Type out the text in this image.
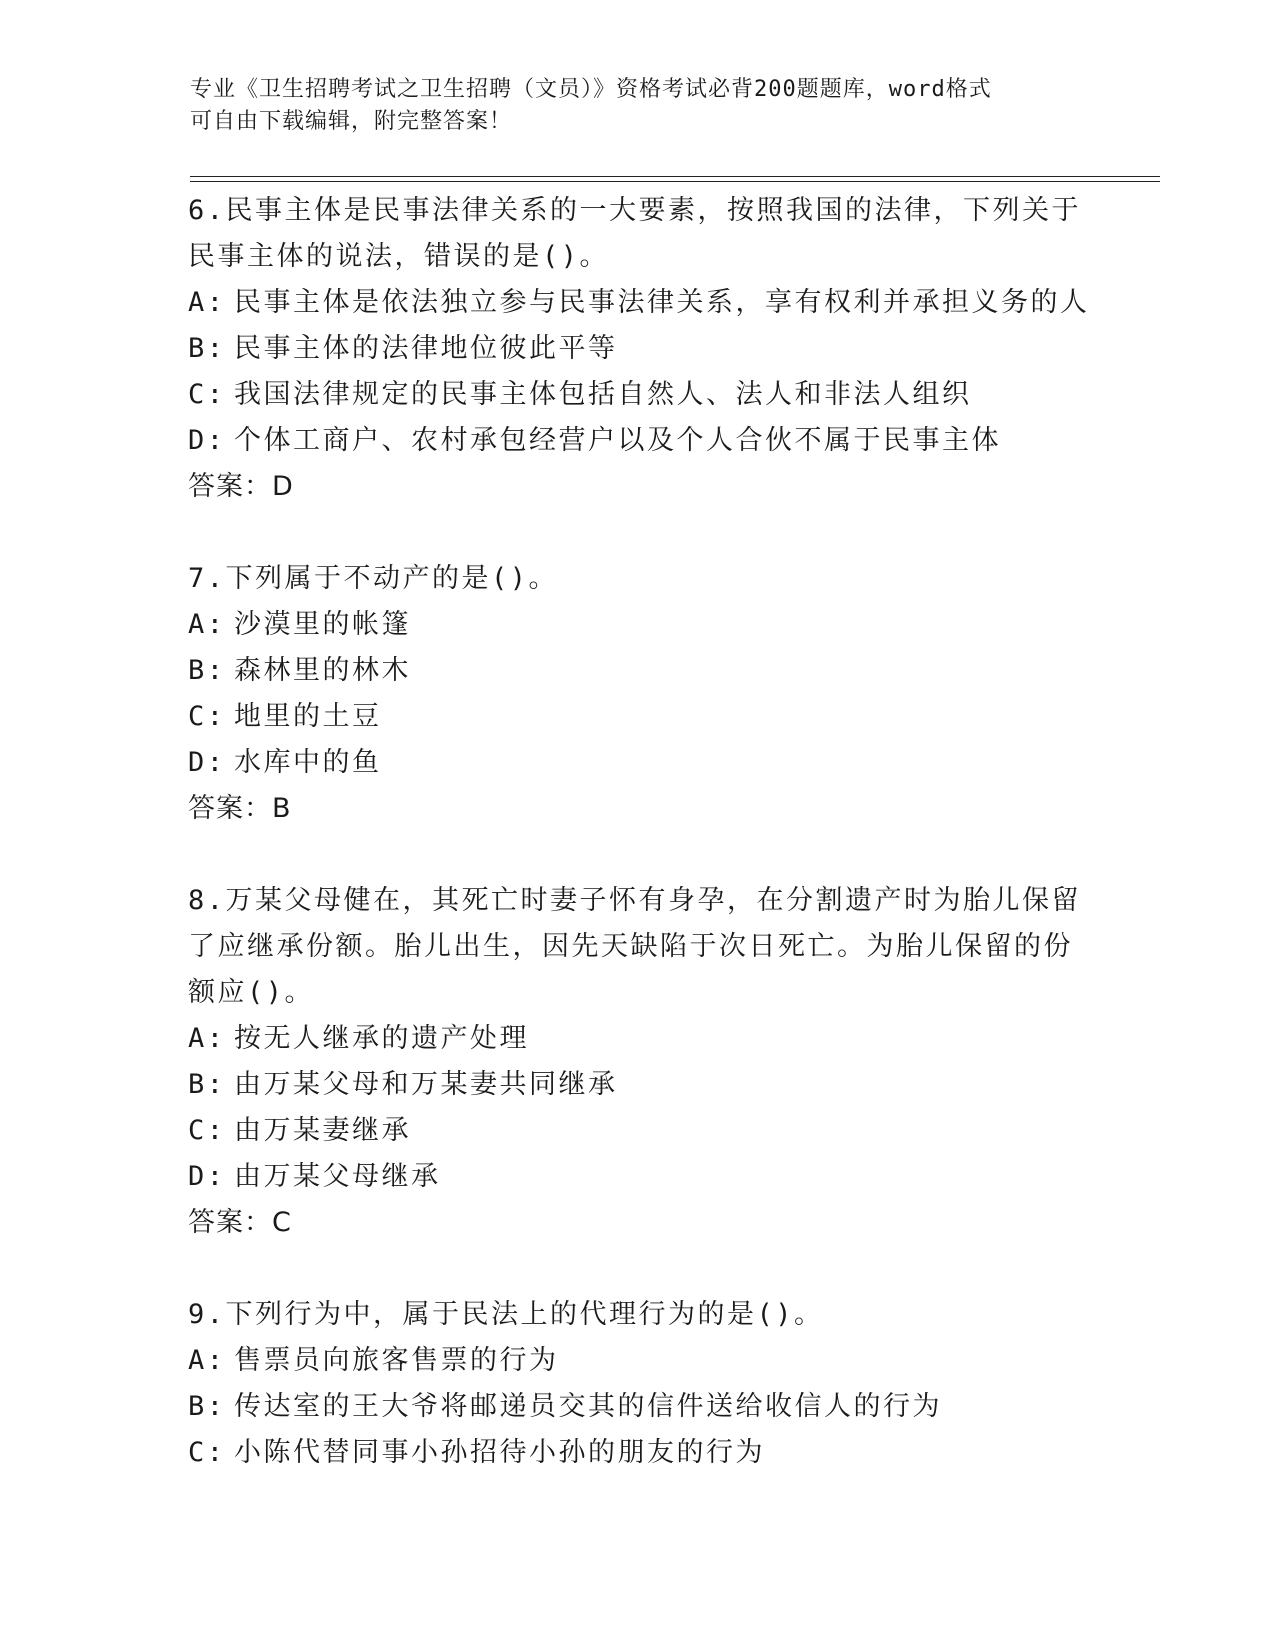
专业《卫生招聘考试之卫生招聘（文员）》资格考试必背200题题库，word格式
可自由下载编辑，附完整答案！
6.民事主体是民事法律关系的一大要素，按照我国的法律，下列关于
民事主体的说法，错误的是()。
A: 民事主体是依法独立参与民事法律关系，享有权利并承担义务的人
B: 民事主体的法律地位彼此平等
C: 我国法律规定的民事主体包括自然人、法人和非法人组织
D: 个体工商户、农村承包经营户以及个人合伙不属于民事主体
答案：D
7.下列属于不动产的是()。
A: 沙漠里的帐篷
B: 森林里的林木
C: 地里的土豆
D: 水库中的鱼
答案：B
8.万某父母健在，其死亡时妻子怀有身孕，在分割遗产时为胎儿保留
了应继承份额。胎儿出生，因先天缺陷于次日死亡。为胎儿保留的份
额应()。
A: 按无人继承的遗产处理
B: 由万某父母和万某妻共同继承
C: 由万某妻继承
D: 由万某父母继承
答案：C
9.下列行为中，属于民法上的代理行为的是()。
A: 售票员向旅客售票的行为
B: 传达室的王大爷将邮递员交其的信件送给收信人的行为
C: 小陈代替同事小孙招待小孙的朋友的行为
